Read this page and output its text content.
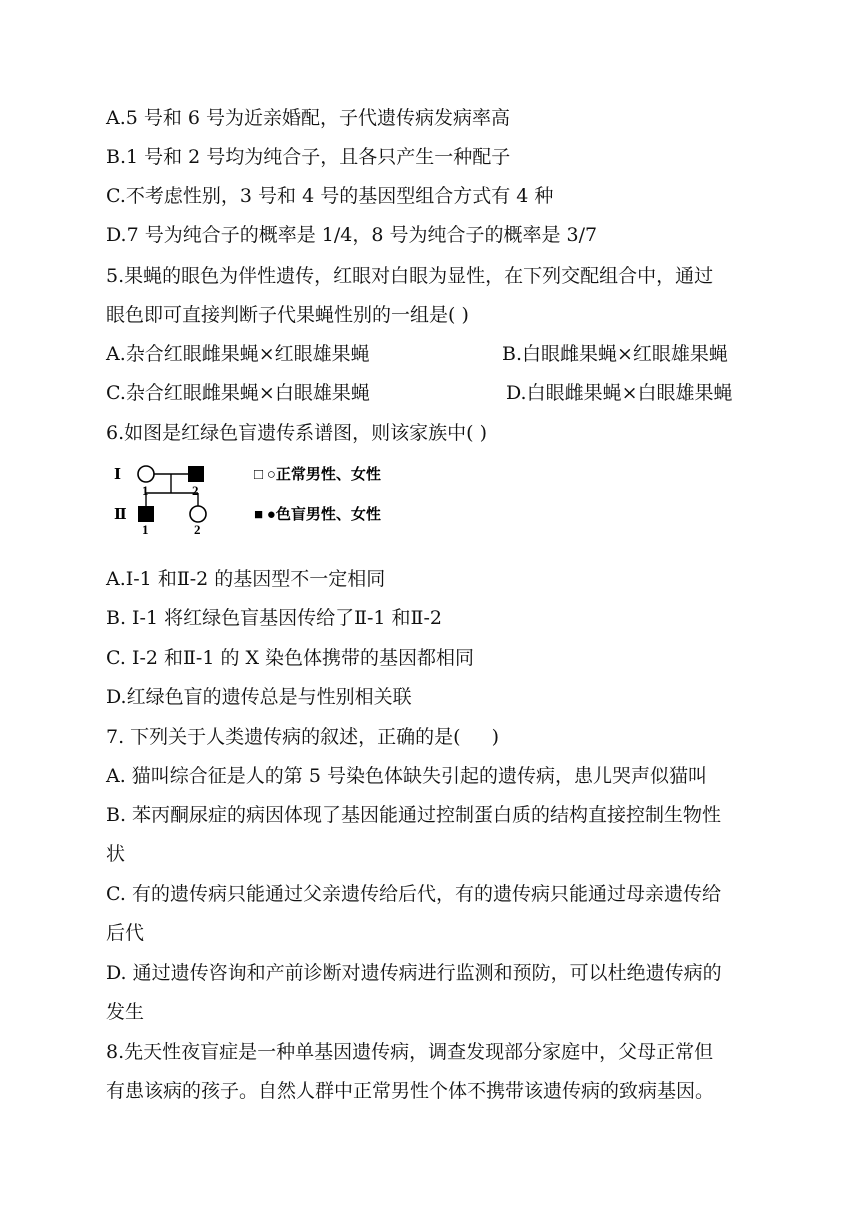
A.5 号和 6 号为近亲婚配，子代遗传病发病率高
B.1 号和 2 号均为纯合子，且各只产生一种配子
C.不考虑性别，3 号和 4 号的基因型组合方式有 4 种
D.7 号为纯合子的概率是 1/4，8 号为纯合子的概率是 3/7
5.果蝇的眼色为伴性遗传，红眼对白眼为显性，在下列交配组合中，通过
眼色即可直接判断子代果蝇性别的一组是( )
A.杂合红眼雌果蝇×红眼雄果蝇	B.白眼雌果蝇×红眼雄果蝇
C.杂合红眼雌果蝇×白眼雄果蝇	D.白眼雌果蝇×白眼雄果蝇
6.如图是红绿色盲遗传系谱图，则该家族中( )
Ⅰ
Ⅱ
1	2
1	2
□ ○正常男性、女性
■ ●色盲男性、女性
A.Ⅰ-1 和Ⅱ-2 的基因型不一定相同
B. Ⅰ-1 将红绿色盲基因传给了Ⅱ-1 和Ⅱ-2
C. Ⅰ-2 和Ⅱ-1 的 X 染色体携带的基因都相同
D.红绿色盲的遗传总是与性别相关联
7. 下列关于人类遗传病的叙述，正确的是(　  )
A. 猫叫综合征是人的第 5 号染色体缺失引起的遗传病，患儿哭声似猫叫
B. 苯丙酮尿症的病因体现了基因能通过控制蛋白质的结构直接控制生物性
状
C. 有的遗传病只能通过父亲遗传给后代，有的遗传病只能通过母亲遗传给
后代
D. 通过遗传咨询和产前诊断对遗传病进行监测和预防，可以杜绝遗传病的
发生
8.先天性夜盲症是一种单基因遗传病，调查发现部分家庭中，父母正常但
有患该病的孩子。自然人群中正常男性个体不携带该遗传病的致病基因。
